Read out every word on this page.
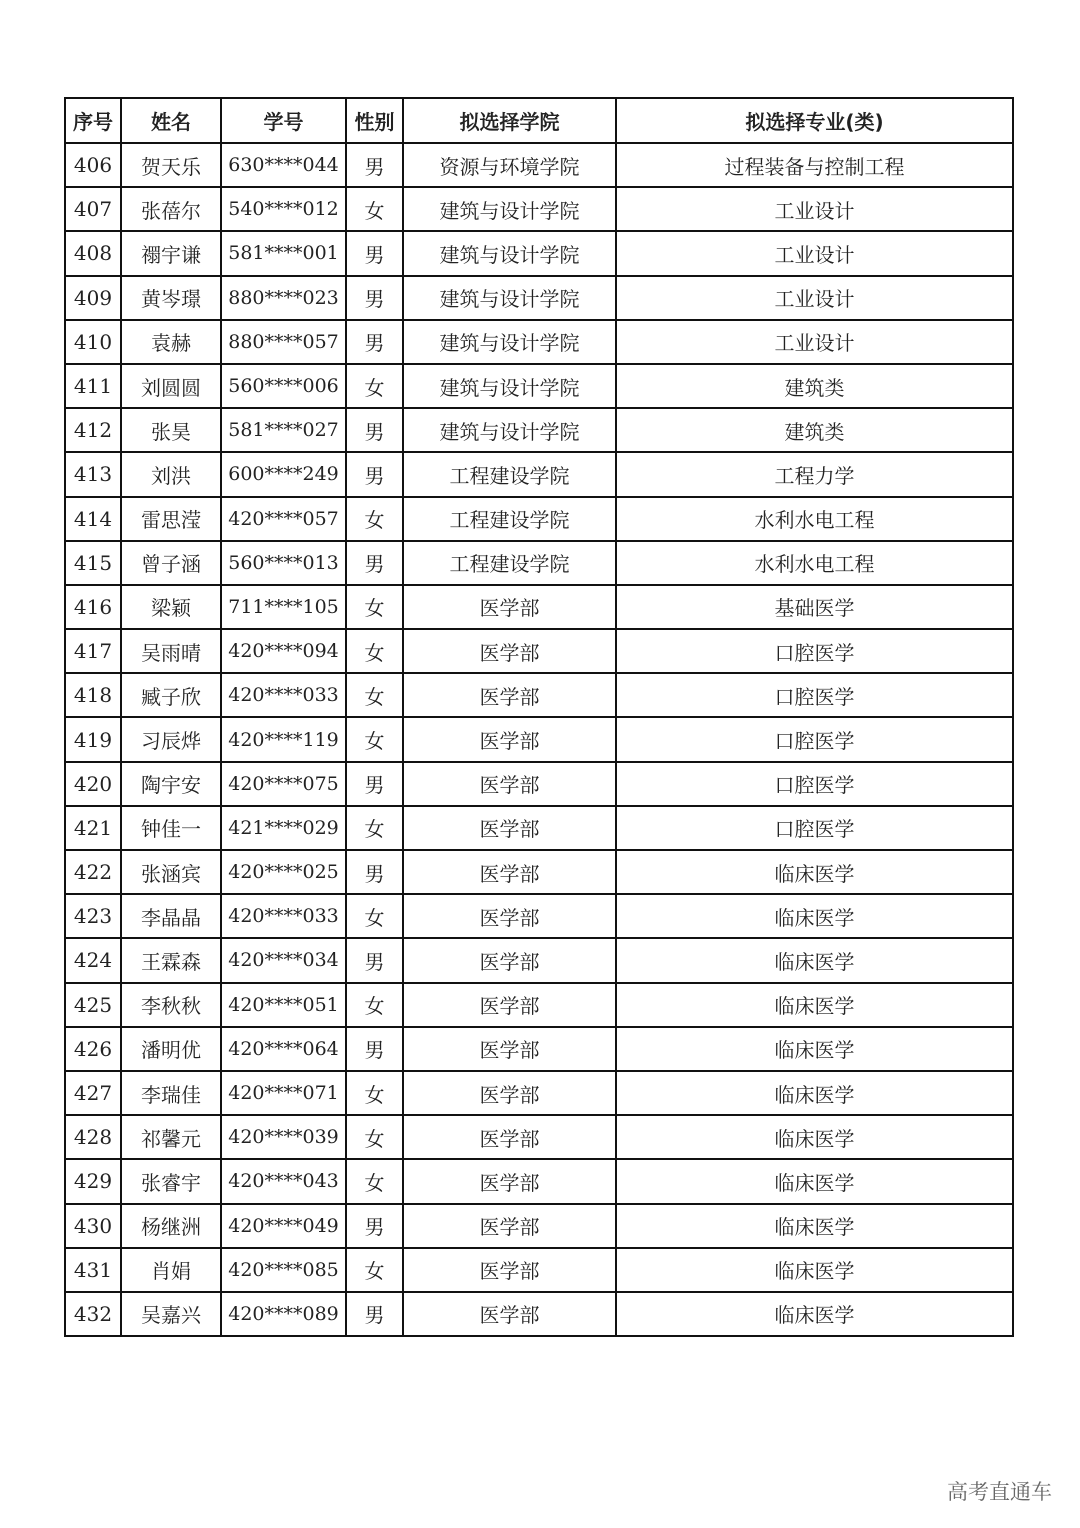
序号	姓名	学号	性别	拟选择学院	拟选择专业(类)
406	贺天乐	630****044	男	资源与环境学院	过程装备与控制工程
407	张蓓尔	540****012	女	建筑与设计学院	工业设计
408	禤宇谦	581****001	男	建筑与设计学院	工业设计
409	黄岑璟	880****023	男	建筑与设计学院	工业设计
410	袁赫	880****057	男	建筑与设计学院	工业设计
411	刘圆圆	560****006	女	建筑与设计学院	建筑类
412	张昊	581****027	男	建筑与设计学院	建筑类
413	刘洪	600****249	男	工程建设学院	工程力学
414	雷思滢	420****057	女	工程建设学院	水利水电工程
415	曾子涵	560****013	男	工程建设学院	水利水电工程
416	梁颖	711****105	女	医学部	基础医学
417	吴雨晴	420****094	女	医学部	口腔医学
418	臧子欣	420****033	女	医学部	口腔医学
419	习辰烨	420****119	女	医学部	口腔医学
420	陶宇安	420****075	男	医学部	口腔医学
421	钟佳一	421****029	女	医学部	口腔医学
422	张涵宾	420****025	男	医学部	临床医学
423	李晶晶	420****033	女	医学部	临床医学
424	王霖森	420****034	男	医学部	临床医学
425	李秋秋	420****051	女	医学部	临床医学
426	潘明优	420****064	男	医学部	临床医学
427	李瑞佳	420****071	女	医学部	临床医学
428	祁馨元	420****039	女	医学部	临床医学
429	张睿宇	420****043	女	医学部	临床医学
430	杨继洲	420****049	男	医学部	临床医学
431	肖娟	420****085	女	医学部	临床医学
432	吴嘉兴	420****089	男	医学部	临床医学
高考直通车
